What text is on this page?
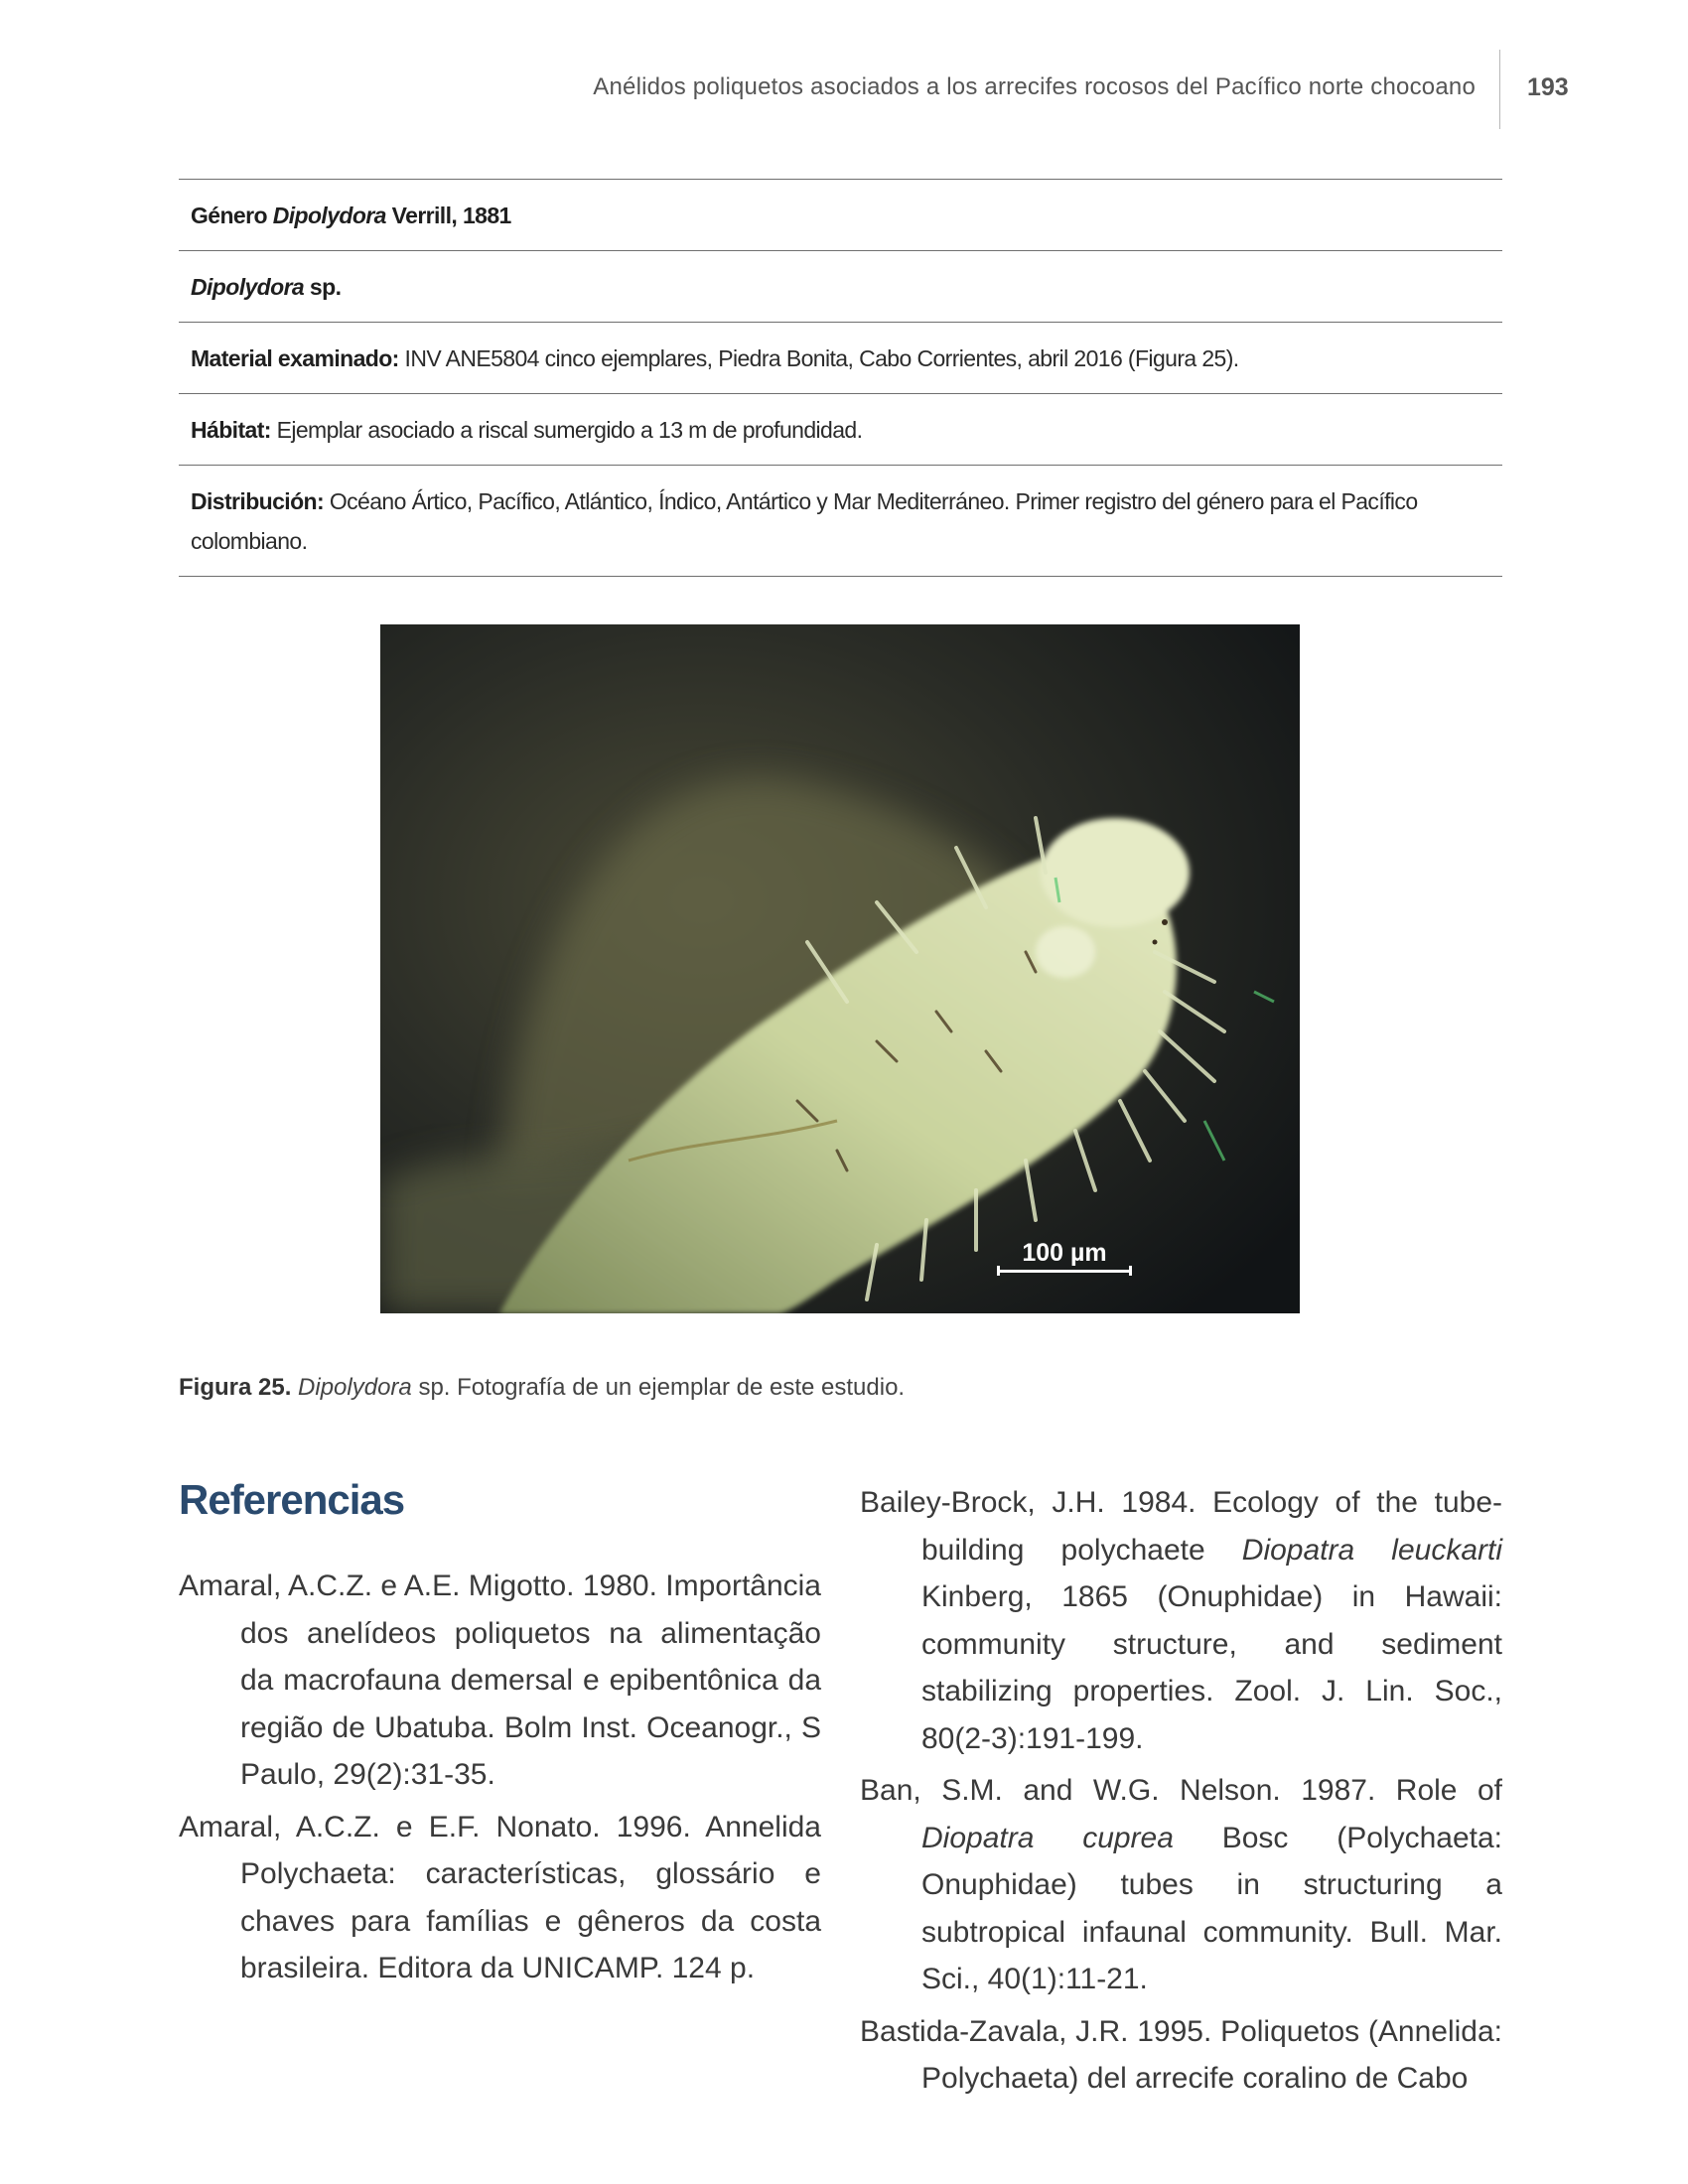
Anélidos poliquetos asociados a los arrecifes rocosos del Pacífico norte chocoano 193
Género Dipolydora Verrill, 1881
Dipolydora sp.
Material examinado: INV ANE5804 cinco ejemplares, Piedra Bonita, Cabo Corrientes, abril 2016 (Figura 25).
Hábitat: Ejemplar asociado a riscal sumergido a 13 m de profundidad.
Distribución: Océano Ártico, Pacífico, Atlántico, Índico, Antártico y Mar Mediterráneo. Primer registro del género para el Pacífico colombiano.
100 µm
Figura 25. Dipolydora sp. Fotografía de un ejemplar de este estudio.
Referencias

Amaral, A.C.Z. e A.E. Migotto. 1980. Importância dos anelídeos poliquetos na alimentação da macrofauna demersal e epibentônica da região de Ubatuba. Bolm Inst. Oceanogr., S Paulo, 29(2):31-35.

Amaral, A.C.Z. e E.F. Nonato. 1996. Annelida Polychaeta: características, glossário e chaves para famílias e gêneros da costa brasileira. Editora da UNICAMP. 124 p.

Bailey-Brock, J.H. 1984. Ecology of the tube-building polychaete Diopatra leuckarti Kinberg, 1865 (Onuphidae) in Hawaii: community structure, and sediment stabilizing properties. Zool. J. Lin. Soc., 80(2-3):191-199.

Ban, S.M. and W.G. Nelson. 1987. Role of Diopatra cuprea Bosc (Polychaeta: Onuphidae) tubes in structuring a subtropical infaunal community. Bull. Mar. Sci., 40(1):11-21.

Bastida-Zavala, J.R. 1995. Poliquetos (Annelida: Polychaeta) del arrecife coralino de Cabo
